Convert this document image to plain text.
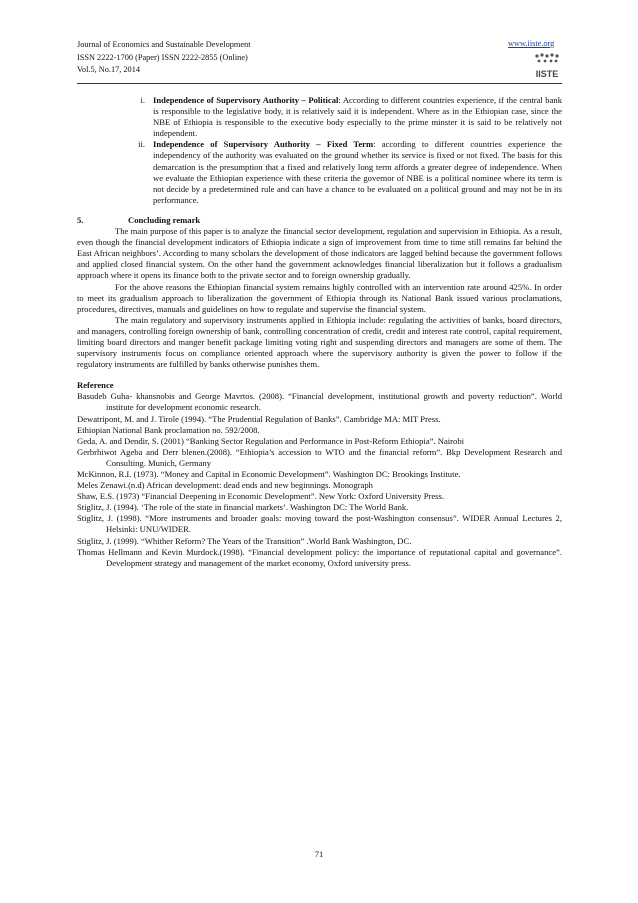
Journal of Economics and Sustainable Development
ISSN 2222-1700 (Paper) ISSN 2222-2855 (Online)
Vol.5, No.17, 2014
www.iiste.org
IISTE
i. Independence of Supervisory Authority – Political: According to different countries experience, if the central bank is responsible to the legislative body, it is relatively said it is independent. Where as in the Ethiopian case, since the NBE of Ethiopia is responsible to the executive body especially to the prime minster it is said to be relatively not independent.
ii. Independence of Supervisory Authority – Fixed Term: according to different countries experience the independency of the authority was evaluated on the ground whether its service is fixed or not fixed. The basis for this demarcation is the presumption that a fixed and relatively long term affords a greater degree of independence. When we evaluate the Ethiopian experience with these criteria the governor of NBE is a political nominee where its term is not decide by a predetermined rule and can have a chance to be evaluated on a political ground and may not be in its performance.
5.	Concluding remark

The main purpose of this paper is to analyze the financial sector development, regulation and supervision in Ethiopia. As a result, even though the financial development indicators of Ethiopia indicate a sign of improvement from time to time still remains far behind the East African neighbors’. According to many scholars the development of those indicators are lagged behind because the government follows and applied closed financial system. On the other hand the government acknowledges financial liberalization but it follows a gradualism approach where it opens its finance both to the private sector and to foreign ownership gradually.

For the above reasons the Ethiopian financial system remains highly controlled with an intervention rate around 425%. In order to meet its gradualism approach to liberalization the government of Ethiopia through its National Bank issued various proclamations, procedures, directives, manuals and guidelines on how to regulate and supervise the financial system.

The main regulatory and supervisory instruments applied in Ethiopia include: regulating the activities of banks, board directors, and managers, controlling foreign ownership of bank, controlling concentration of credit, credit and interest rate control, capital requirement, limiting board directors and manger benefit package limiting voting right and suspending directors and managers are some of them. The supervisory instruments focus on compliance oriented approach where the supervisory authority is given the power to follow if the regulatory instruments are fulfilled by banks otherwise punishes them.

Reference
Basudeb Guha- khansnobis and George Mavrtos. (2008). “Financial development, institutional growth and poverty reduction”. World institute for development economic research.
Dewatripont, M. and J. Tirole (1994). “The Prudential Regulation of Banks”. Cambridge MA: MIT Press.
Ethiopian National Bank proclamation no. 592/2008.
Geda, A. and Dendir, S. (2001) “Banking Sector Regulation and Performance in Post-Reform Ethiopia”. Nairobi
Gerbrhiwot Ageba and Derr blenen.(2008). “Ethiopia’s accession to WTO and the financial reform”. Bkp Development Research and Consulting. Munich, Germany
McKinnon, R.I. (1973). “Money and Capital in Economic Development”. Washington DC: Brookings Institute.
Meles Zenawi.(n.d) African development: dead ends and new beginnings. Monograph
Shaw, E.S. (1973) “Financial Deepening in Economic Development”. New York: Oxford University Press.
Stiglitz, J. (1994). ‘The role of the state in financial markets’. Washington DC: The World Bank.
Stiglitz, J. (1998). “More instruments and broader goals: moving toward the post-Washington consensus”. WIDER Annual Lectures 2, Helsinki: UNU/WIDER.
Stiglitz, J. (1999). “Whither Reform? The Years of the Transition” .World Bank Washington, DC.
Thomas Hellmann and Kevin Murdock.(1998). “Financial development policy: the importance of reputational capital and governance”. Development strategy and management of the market economy, Oxford university press.
71
